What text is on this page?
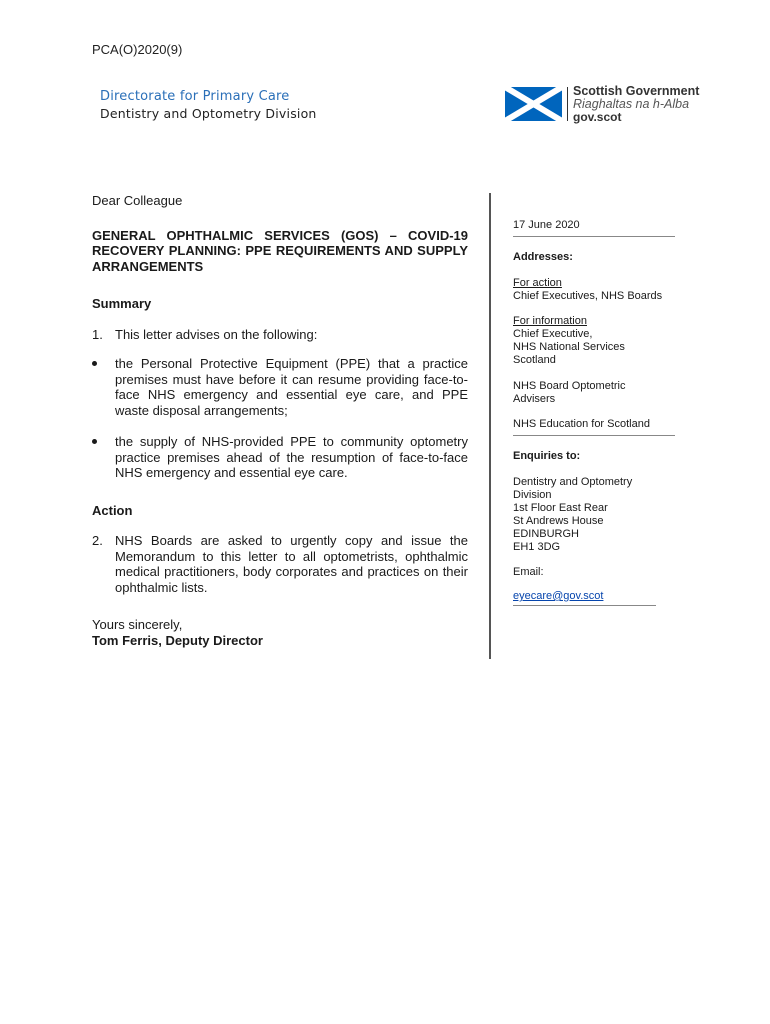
PCA(O)2020(9)
Directorate for Primary Care
Dentistry and Optometry Division
Scottish Government
Riaghaltas na h-Alba
gov.scot

Dear Colleague

GENERAL OPHTHALMIC SERVICES (GOS) – COVID-19 RECOVERY PLANNING: PPE REQUIREMENTS AND SUPPLY ARRANGEMENTS

Summary

1. This letter advises on the following:
the Personal Protective Equipment (PPE) that a practice premises must have before it can resume providing face-to-face NHS emergency and essential eye care, and PPE waste disposal arrangements;
the supply of NHS-provided PPE to community optometry practice premises ahead of the resumption of face-to-face NHS emergency and essential eye care.

Action

2. NHS Boards are asked to urgently copy and issue the Memorandum to this letter to all optometrists, ophthalmic medical practitioners, body corporates and practices on their ophthalmic lists.

Yours sincerely,

Tom Ferris, Deputy Director

17 June 2020

Addresses:

For action

Chief Executives, NHS Boards

For information

Chief Executive,

NHS National Services

Scotland

NHS Board Optometric

Advisers

NHS Education for Scotland

Enquiries to:

Dentistry and Optometry

Division

1st Floor East Rear

St Andrews House

EDINBURGH

EH1 3DG

Email:

eyecare@gov.scot
